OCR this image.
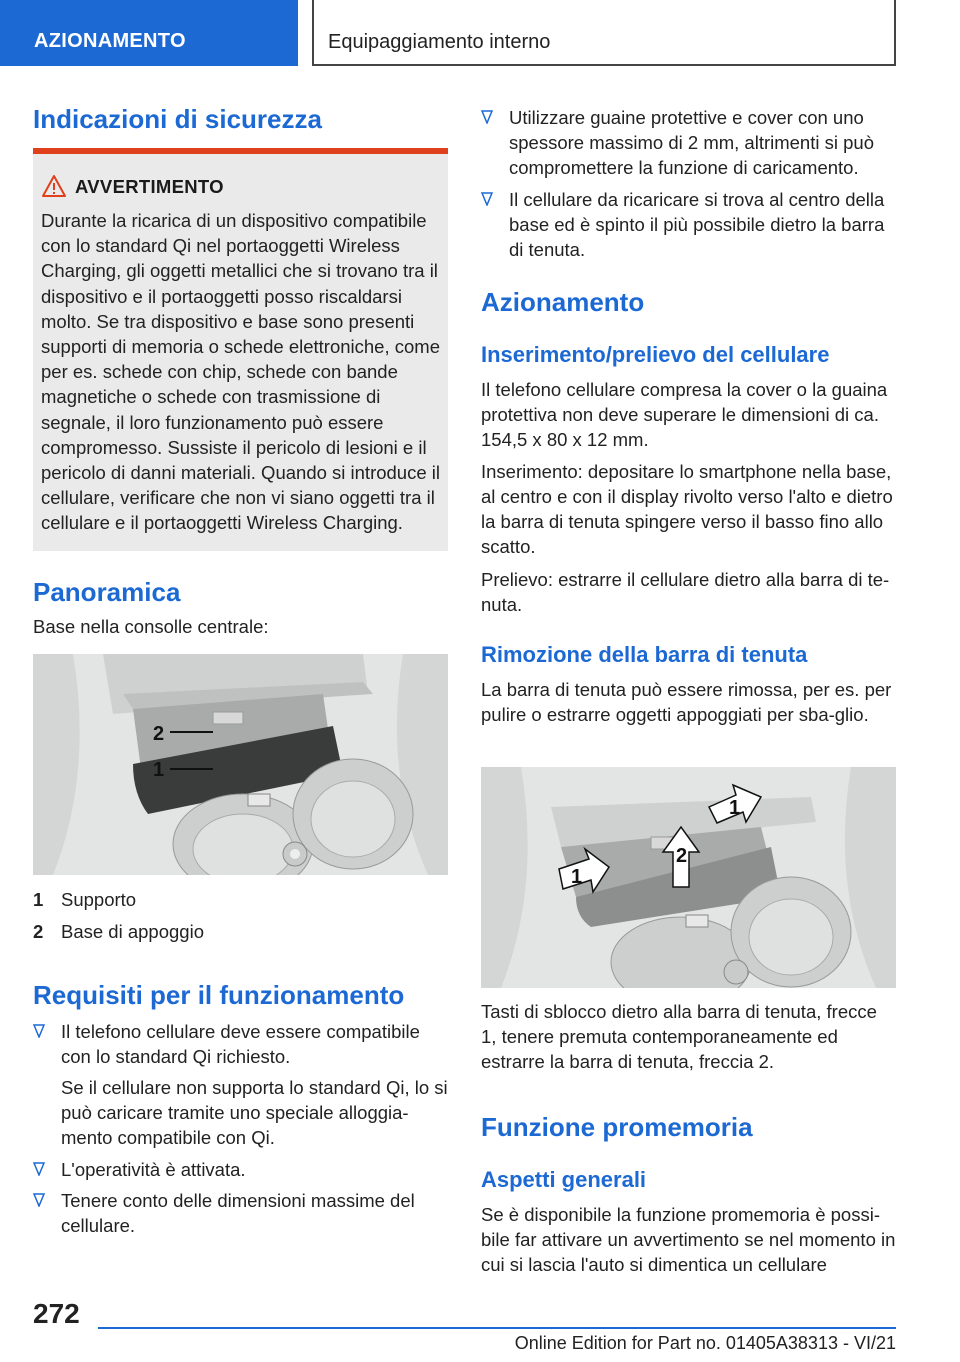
AZIONAMENTO	Equipaggiamento interno
Indicazioni di sicurezza
AVVERTIMENTO
Durante la ricarica di un dispositivo compatibile con lo standard Qi nel portaoggetti Wireless Charging, gli oggetti metallici che si trovano tra il dispositivo e il portaoggetti posso riscaldarsi molto. Se tra dispositivo e base sono presenti supporti di memoria o schede elettroniche, come per es. schede con chip, schede con bande magnetiche o schede con trasmissione di segnale, il loro funzionamento può essere compromesso. Sussiste il pericolo di lesioni e il pericolo di danni materiali. Quando si introduce il cellulare, verificare che non vi siano oggetti tra il cellulare e il portaoggetti Wireless Charging.
Panoramica
Base nella consolle centrale:
2
1
1 Supporto
2 Base di appoggio
Requisiti per il funzionamento
Il telefono cellulare deve essere compatibile con lo standard Qi richiesto.
Se il cellulare non supporta lo standard Qi, lo si può caricare tramite uno speciale alloggia-mento compatibile con Qi.
L'operatività è attivata.
Tenere conto delle dimensioni massime del cellulare.
Utilizzare guaine protettive e cover con uno spessore massimo di 2 mm, altrimenti si può compromettere la funzione di caricamento.
Il cellulare da ricaricare si trova al centro della base ed è spinto il più possibile dietro la barra di tenuta.
Azionamento
Inserimento/prelievo del cellulare
Il telefono cellulare compresa la cover o la guaina protettiva non deve superare le dimensioni di ca. 154,5 x 80 x 12 mm.
Inserimento: depositare lo smartphone nella base, al centro e con il display rivolto verso l'alto e dietro la barra di tenuta spingere verso il basso fino allo scatto.
Prelievo: estrarre il cellulare dietro alla barra di te-nuta.
Rimozione della barra di tenuta
La barra di tenuta può essere rimossa, per es. per pulire o estrarre oggetti appoggiati per sba-glio.
1
2
1
Tasti di sblocco dietro alla barra di tenuta, frecce 1, tenere premuta contemporaneamente ed estrarre la barra di tenuta, freccia 2.
Funzione promemoria
Aspetti generali
Se è disponibile la funzione promemoria è possi-bile far attivare un avvertimento se nel momento in cui si lascia l'auto si dimentica un cellulare
272
Online Edition for Part no. 01405A38313 - VI/21
